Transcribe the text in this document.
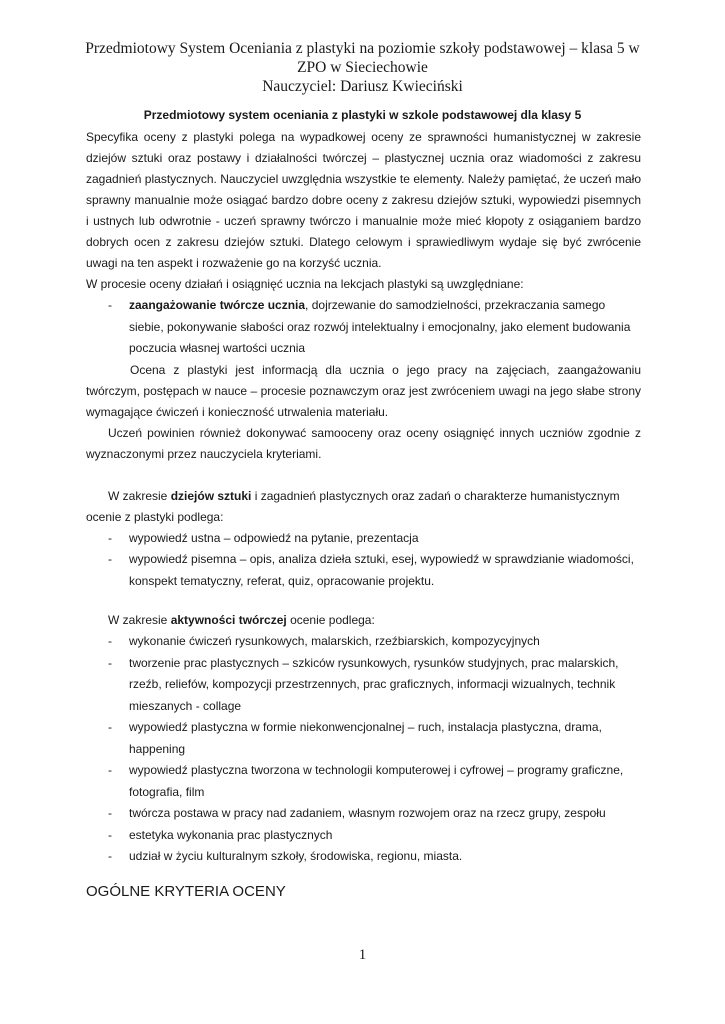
Przedmiotowy System Oceniania z plastyki na poziomie szkoły podstawowej – klasa 5 w
ZPO w Sieciechowie
Nauczyciel: Dariusz Kwieciński
Przedmiotowy system oceniania z plastyki w szkole podstawowej dla klasy 5

Specyfika oceny z plastyki polega na wypadkowej oceny ze sprawności humanistycznej w zakresie dziejów sztuki oraz postawy i działalności twórczej – plastycznej ucznia oraz wiadomości z zakresu zagadnień plastycznych. Nauczyciel uwzględnia wszystkie te elementy. Należy pamiętać, że uczeń mało sprawny manualnie może osiągać bardzo dobre oceny z zakresu dziejów sztuki, wypowiedzi pisemnych i ustnych lub odwrotnie - uczeń sprawny twórczo i manualnie może mieć kłopoty z osiąganiem bardzo dobrych ocen z zakresu dziejów sztuki. Dlatego celowym i sprawiedliwym wydaje się być zwrócenie uwagi na ten aspekt i rozważenie go na korzyść ucznia.

W procesie oceny działań i osiągnięć ucznia na lekcjach plastyki są uwzględniane:

- zaangażowanie twórcze ucznia, dojrzewanie do samodzielności, przekraczania samego siebie, pokonywanie słabości oraz rozwój intelektualny i emocjonalny, jako element budowania poczucia własnej wartości ucznia

Ocena z plastyki jest informacją dla ucznia o jego pracy na zajęciach, zaangażowaniu twórczym, postępach w nauce – procesie poznawczym oraz jest zwróceniem uwagi na jego słabe strony wymagające ćwiczeń i konieczność utrwalenia materiału.

Uczeń powinien również dokonywać samooceny oraz oceny osiągnięć innych uczniów zgodnie z wyznaczonymi przez nauczyciela kryteriami.

W zakresie dziejów sztuki i zagadnień plastycznych oraz zadań o charakterze humanistycznym ocenie z plastyki podlega:

- wypowiedź ustna – odpowiedź na pytanie, prezentacja
- wypowiedź pisemna – opis, analiza dzieła sztuki, esej, wypowiedź w sprawdzianie wiadomości, konspekt tematyczny, referat, quiz, opracowanie projektu.

W zakresie aktywności twórczej ocenie podlega:

- wykonanie ćwiczeń rysunkowych, malarskich, rzeźbiarskich, kompozycyjnych
- tworzenie prac plastycznych – szkiców rysunkowych, rysunków studyjnych, prac malarskich, rzeźb, reliefów, kompozycji przestrzennych, prac graficznych, informacji wizualnych, technik mieszanych - collage
- wypowiedź plastyczna w formie niekonwencjonalnej – ruch, instalacja plastyczna, drama, happening
- wypowiedź plastyczna tworzona w technologii komputerowej i cyfrowej – programy graficzne, fotografia, film
- twórcza postawa w pracy nad zadaniem, własnym rozwojem oraz na rzecz grupy, zespołu
- estetyka wykonania prac plastycznych
- udział w życiu kulturalnym szkoły, środowiska, regionu, miasta.
OGÓLNE KRYTERIA OCENY
1
